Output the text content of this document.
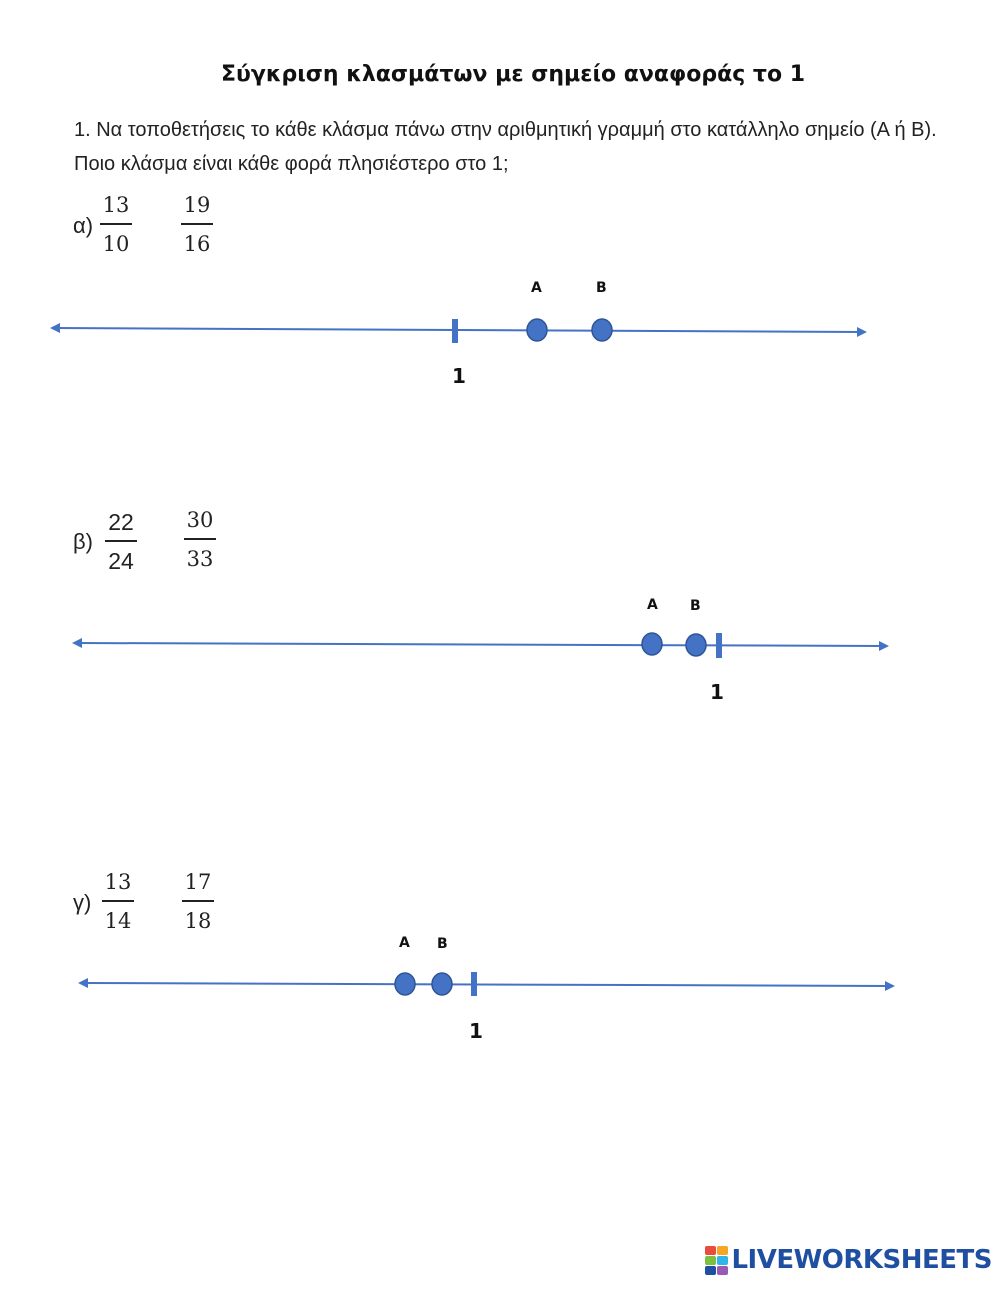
Σύγκριση κλασμάτων με σημείο αναφοράς το 1
1. Να τοποθετήσεις το κάθε κλάσμα πάνω στην αριθμητική γραμμή στο κατάλληλο σημείο (Α ή Β). Ποιο κλάσμα είναι κάθε φορά πλησιέστερο στο 1;
α)
13
10
19
16
A	B
1
β)
22
24
30
33
A B
1
γ)
13
14
17
18
A B
1
LIVEWORKSHEETS
